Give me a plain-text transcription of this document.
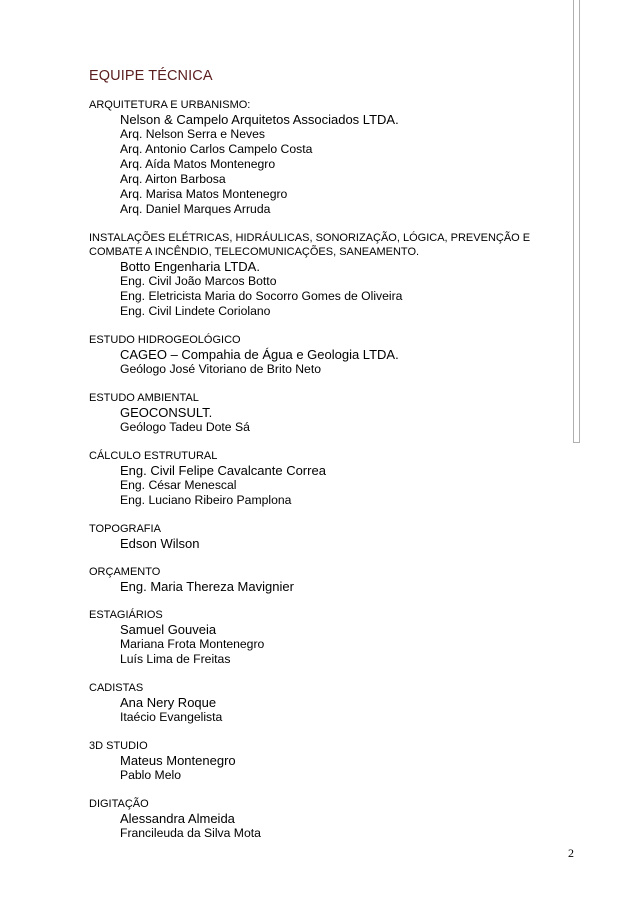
EQUIPE TÉCNICA
ARQUITETURA E URBANISMO:
Nelson & Campelo Arquitetos Associados LTDA.
Arq. Nelson Serra e Neves
Arq. Antonio Carlos Campelo Costa
Arq. Aída Matos Montenegro
Arq. Airton Barbosa
Arq. Marisa Matos Montenegro
Arq. Daniel Marques Arruda
INSTALAÇÕES ELÉTRICAS, HIDRÁULICAS, SONORIZAÇÃO, LÓGICA, PREVENÇÃO E
COMBATE A INCÊNDIO, TELECOMUNICAÇÕES, SANEAMENTO.
Botto Engenharia LTDA.
Eng. Civil João Marcos Botto
Eng. Eletricista Maria do Socorro Gomes de Oliveira
Eng. Civil Lindete Coriolano
ESTUDO HIDROGEOLÓGICO
CAGEO – Compahia de Água e Geologia LTDA.
Geólogo José Vitoriano de Brito Neto
ESTUDO AMBIENTAL
GEOCONSULT.
Geólogo Tadeu Dote Sá
CÁLCULO ESTRUTURAL
Eng. Civil Felipe Cavalcante Correa
Eng. César Menescal
Eng. Luciano Ribeiro Pamplona
TOPOGRAFIA
Edson Wilson
ORÇAMENTO
Eng. Maria Thereza Mavignier
ESTAGIÁRIOS
Samuel Gouveia
Mariana Frota Montenegro
Luís Lima de Freitas
CADISTAS
Ana Nery Roque
Itaécio Evangelista
3D STUDIO
Mateus Montenegro
Pablo Melo
DIGITAÇÃO
Alessandra Almeida
Francileuda da Silva Mota
2
